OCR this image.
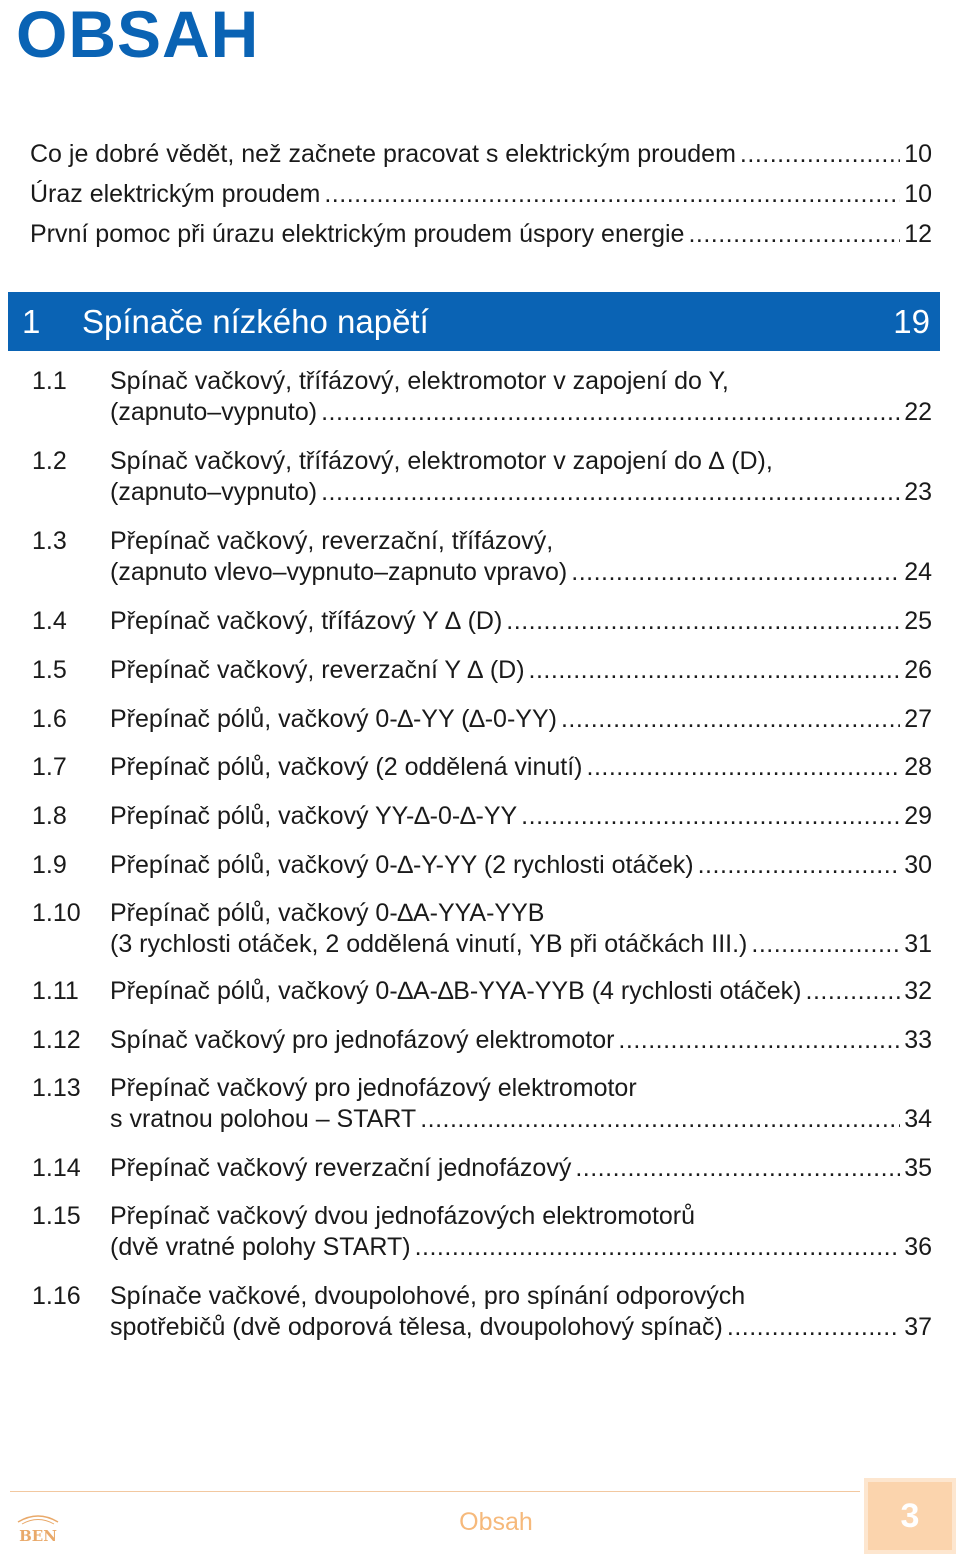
OBSAH
Co je dobré vědět, než začnete pracovat s elektrickým proudem .....	10
Úraz elektrickým proudem .....	10
První pomoc při úrazu elektrickým proudem úspory energie .....	12
1	Spínače nízkého napětí	19
1.1	Spínač vačkový, třífázový, elektromotor v zapojení do Y,
(zapnuto–vypnuto) .....	22
1.2	Spínač vačkový, třífázový, elektromotor v zapojení do ∆ (D),
(zapnuto–vypnuto) .....	23
1.3	Přepínač vačkový, reverzační, třífázový,
(zapnuto vlevo–vypnuto–zapnuto vpravo) .....	24
1.4	Přepínač vačkový, třífázový Y ∆ (D) .....	25
1.5	Přepínač vačkový, reverzační Y ∆ (D) .....	26
1.6	Přepínač pólů, vačkový 0-∆-YY (∆-0-YY) .....	27
1.7	Přepínač pólů, vačkový (2 oddělená vinutí) .....	28
1.8	Přepínač pólů, vačkový YY-∆-0-∆-YY .....	29
1.9	Přepínač pólů, vačkový 0-∆-Y-YY (2 rychlosti otáček) .....	30
1.10	Přepínač pólů, vačkový 0-∆A-YYA-YYB
(3 rychlosti otáček, 2 oddělená vinutí, YB při otáčkách III.) .....	31
1.11	Přepínač pólů, vačkový 0-∆A-∆B-YYA-YYB (4 rychlosti otáček) .....	32
1.12	Spínač vačkový pro jednofázový elektromotor .....	33
1.13	Přepínač vačkový pro jednofázový elektromotor
s vratnou polohou – START .....	34
1.14	Přepínač vačkový reverzační jednofázový .....	35
1.15	Přepínač vačkový dvou jednofázových elektromotorů
(dvě vratné polohy START) .....	36
1.16	Spínače vačkové, dvoupolohové, pro spínání odporových
spotřebičů (dvě odporová tělesa, dvoupolohový spínač) .....	37
BEN	Obsah	3
